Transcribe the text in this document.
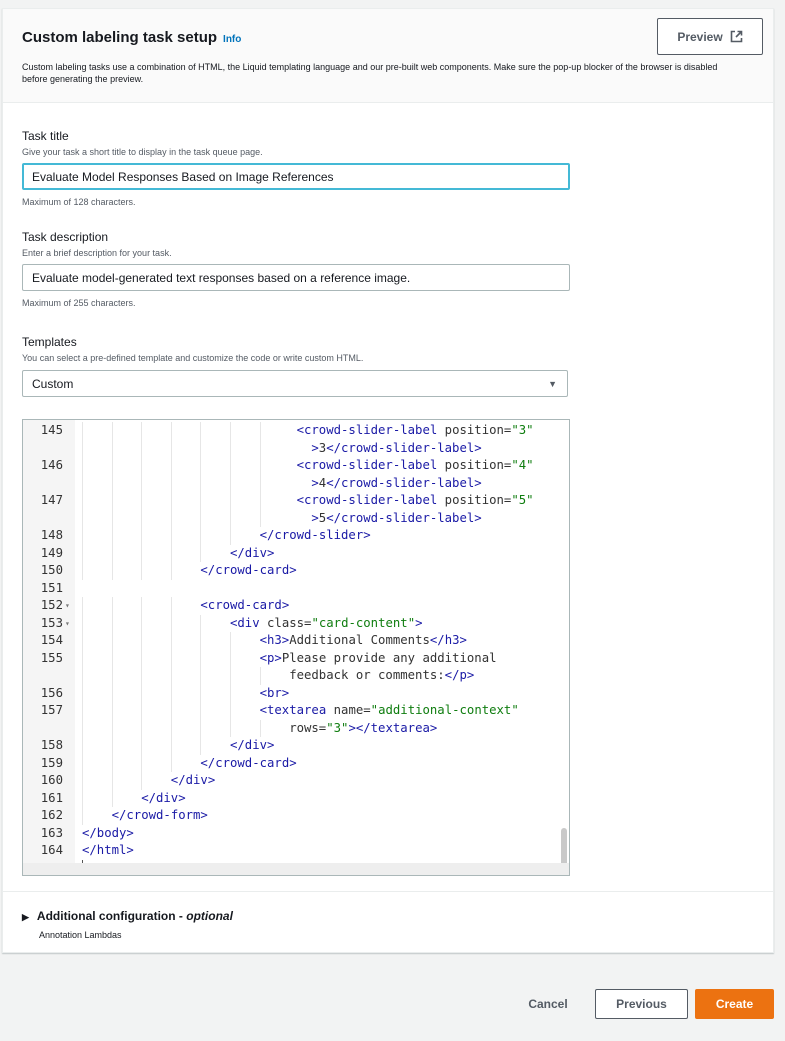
Custom labeling task setup Info
Custom labeling tasks use a combination of HTML, the Liquid templating language and our pre-built web components. Make sure the pop-up blocker of the browser is disabled before generating the preview.
Preview
Task title
Give your task a short title to display in the task queue page.
Evaluate Model Responses Based on Image References
Maximum of 128 characters.
Task description
Enter a brief description for your task.
Evaluate model-generated text responses based on a reference image.
Maximum of 255 characters.
Templates
You can select a pre-defined template and customize the code or write custom HTML.
Custom	▼
145	<crowd-slider-label position="3"
>3</crowd-slider-label>
146	<crowd-slider-label position="4"
>4</crowd-slider-label>
147	<crowd-slider-label position="5"
>5</crowd-slider-label>
148	</crowd-slider>
149	</div>
150	</crowd-card>
151
152 ▾	<crowd-card>
153 ▾	<div class="card-content">
154	<h3>Additional Comments</h3>
155	<p>Please provide any additional
feedback or comments:</p>
156	<br>
157	<textarea name="additional-context"
rows="3"></textarea>
158	</div>
159	</crowd-card>
160	</div>
161	</div>
162	</crowd-form>
163 </body>
164 </html>
▶ Additional configuration - optional
Annotation Lambdas
Cancel	Previous	Create
